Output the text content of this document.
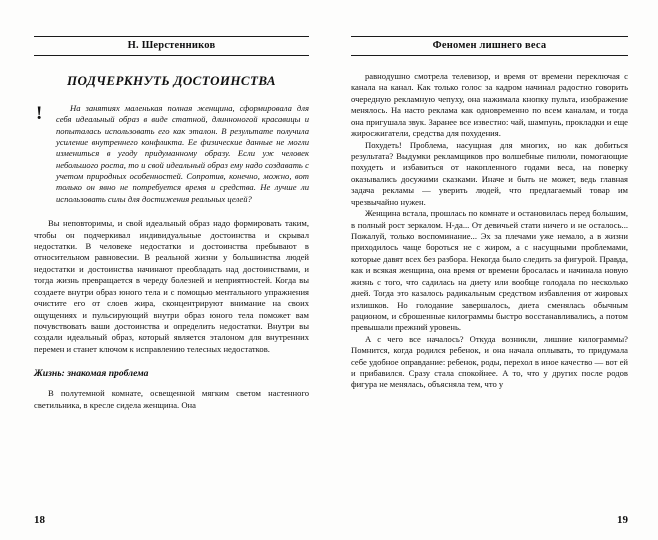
Н. Шерстенников
ПОДЧЕРКНУТЬ ДОСТОИНСТВА
!	На занятиях маленькая полная женщина, сформировала для себя идеальный образ в виде статной, длинноногой красавицы и попыталась использовать его как эталон. В результате получила усиление внутреннего конфликта. Ее физические данные не могли измениться в угоду придуманному образу. Если уж человек небольшого роста, то и свой идеальный образ ему надо создавать с учетом природных особенностей. Сопротив, конечно, можно, вот только он явно не потребуется время и средства. Не лучше ли использовать силы для достижения реальных целей?

Вы неповторимы, и свой идеальный образ надо формировать таким, чтобы он подчеркивал индивидуальные достоинства и скрывал недостатки. В человеке недостатки и достоинства пребывают в относительном равновесии. В реальной жизни у большинства людей недостатки и достоинства начинают преобладать над достоинствами, и тогда жизнь превращается в череду болезней и неприятностей. Когда вы создаете внутри образ юного тела и с помощью ментального упражнения очистите его от слоев жира, сконцентрируют внимание на своих ощущениях и пульсирующий внутри образ юного тела поможет вам почувствовать ваши достоинства и определить недостатки. Внутри вы создали идеальный образ, который является эталоном для внутренних перемен и станет ключом к исправлению телесных недостатков.

Жизнь: знакомая проблема

В полутемной комнате, освещенной мягким светом настенного светильника, в кресле сидела женщина. Она

18
Феномен лишнего веса

равнодушно смотрела телевизор, и время от времени переключая с канала на канал. Как только голос за кадром начинал радостно говорить очередную рекламную чепуху, она нажимала кнопку пульта, изображение менялось. На насто реклама как одновременно по всем каналам, и тогда она пригушала звук. Заранее все известно: чай, шампунь, прокладки и еще жиросжигатели, средства для похудения.

Похудеть! Проблема, насущная для многих, но как добиться результата? Выдумки рекламщиков про волшебные пилюли, помогающие похудеть и избавиться от накопленного годами веса, на поверку оказывались досужими сказками. Иначе и быть не может, ведь главная задача рекламы — уверить людей, что предлагаемый товар им чрезвычайно нужен.

Женщина встала, прошлась по комнате и остановилась перед большим, в полный рост зеркалом. Н-да... От девичьей стати ничего и не осталось... Пожалуй, только воспоминание... Эх за плечами уже немало, а в жизни приходилось чаще бороться не с жиром, а с насущными проблемами, которые давят всех без разбора. Некогда было следить за фигурой. Правда, как и всякая женщина, она время от времени бросалась и начинала новую жизнь с того, что садилась на диету или вообще голодала по несколько дней. Тогда это казалось радикальным средством избавления от жировых излишков. Но голодание завершалось, диета сменялась обычным рационом, и сброшенные килограммы быстро восстанавливались, а потом превышали прежний уровень.

А с чего все началось? Откуда возникли, лишние килограммы? Помнится, когда родился ребенок, и она начала оплывать, то придумала себе удобное оправдание: ребенок, роды, перехол в иное качество — вот ей и прибавился. Сразу стала спокойнее. А то, что у других после родов фигура не менялась, объясняла тем, что у

19
